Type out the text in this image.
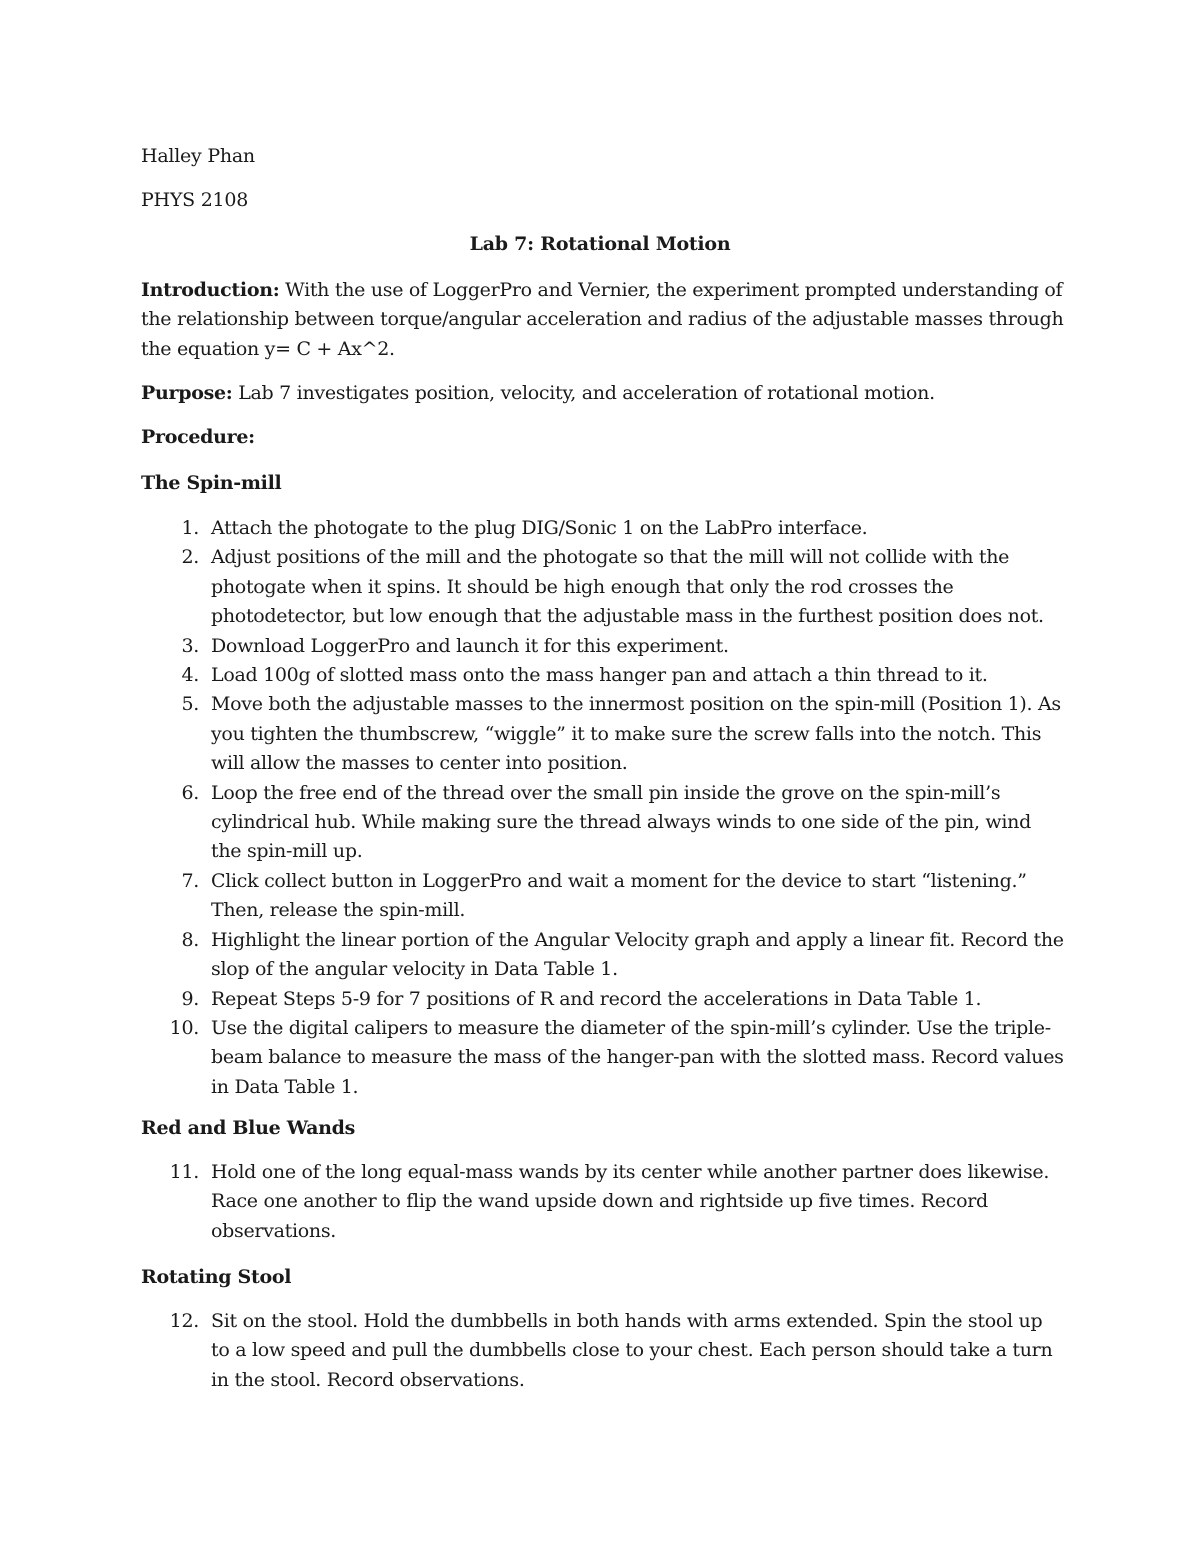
Halley Phan
PHYS 2108
Lab 7: Rotational Motion

Introduction: With the use of LoggerPro and Vernier, the experiment prompted understanding of the relationship between torque/angular acceleration and radius of the adjustable masses through the equation y= C + Ax^2.

Purpose: Lab 7 investigates position, velocity, and acceleration of rotational motion.

Procedure:
The Spin-mill
1. Attach the photogate to the plug DIG/Sonic 1 on the LabPro interface.
2. Adjust positions of the mill and the photogate so that the mill will not collide with the photogate when it spins. It should be high enough that only the rod crosses the photodetector, but low enough that the adjustable mass in the furthest position does not.
3. Download LoggerPro and launch it for this experiment.
4. Load 100g of slotted mass onto the mass hanger pan and attach a thin thread to it.
5. Move both the adjustable masses to the innermost position on the spin-mill (Position 1). As you tighten the thumbscrew, “wiggle” it to make sure the screw falls into the notch. This will allow the masses to center into position.
6. Loop the free end of the thread over the small pin inside the grove on the spin-mill’s cylindrical hub. While making sure the thread always winds to one side of the pin, wind the spin-mill up.
7. Click collect button in LoggerPro and wait a moment for the device to start “listening.” Then, release the spin-mill.
8. Highlight the linear portion of the Angular Velocity graph and apply a linear fit. Record the slop of the angular velocity in Data Table 1.
9. Repeat Steps 5-9 for 7 positions of R and record the accelerations in Data Table 1.
10. Use the digital calipers to measure the diameter of the spin-mill’s cylinder. Use the triple-beam balance to measure the mass of the hanger-pan with the slotted mass. Record values in Data Table 1.
Red and Blue Wands
11. Hold one of the long equal-mass wands by its center while another partner does likewise. Race one another to flip the wand upside down and rightside up five times. Record observations.
Rotating Stool
12. Sit on the stool. Hold the dumbbells in both hands with arms extended. Spin the stool up to a low speed and pull the dumbbells close to your chest. Each person should take a turn in the stool. Record observations.
